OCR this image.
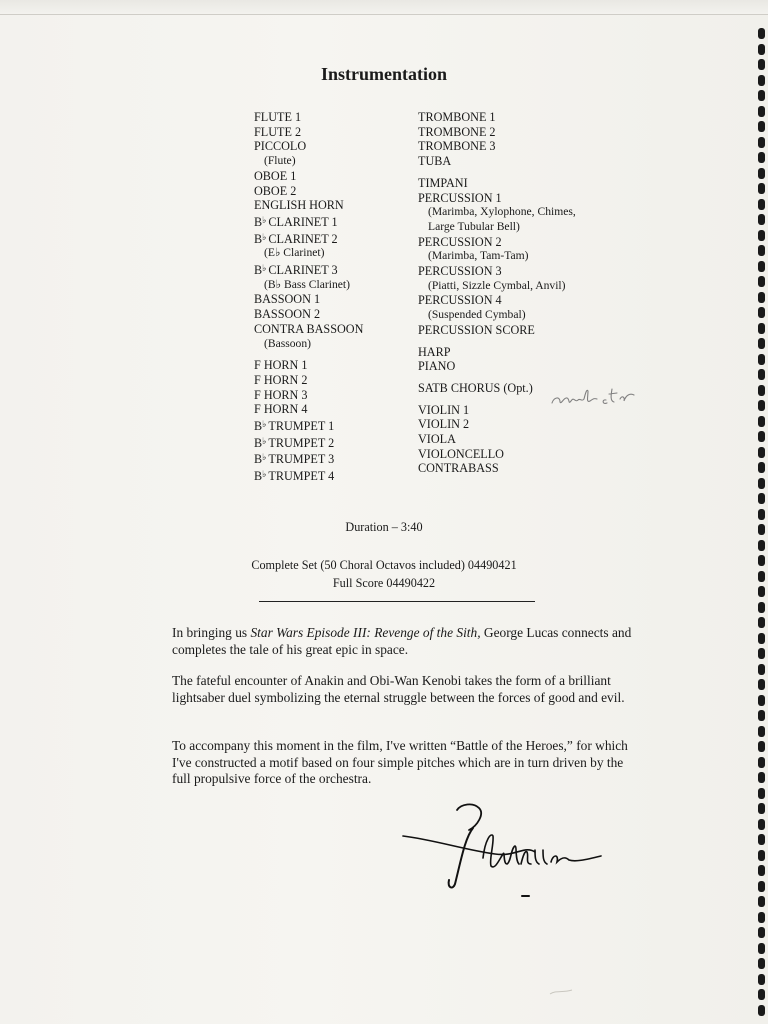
Instrumentation
FLUTE 1
FLUTE 2
PICCOLO
(Flute)
OBOE 1
OBOE 2
ENGLISH HORN
B♭ CLARINET 1
B♭ CLARINET 2
(E♭ Clarinet)
B♭ CLARINET 3
(B♭ Bass Clarinet)
BASSOON 1
BASSOON 2
CONTRA BASSOON
(Bassoon)
F HORN 1
F HORN 2
F HORN 3
F HORN 4
B♭ TRUMPET 1
B♭ TRUMPET 2
B♭ TRUMPET 3
B♭ TRUMPET 4
TROMBONE 1
TROMBONE 2
TROMBONE 3
TUBA
TIMPANI
PERCUSSION 1
(Marimba, Xylophone, Chimes,
Large Tubular Bell)
PERCUSSION 2
(Marimba, Tam-Tam)
PERCUSSION 3
(Piatti, Sizzle Cymbal, Anvil)
PERCUSSION 4
(Suspended Cymbal)
PERCUSSION SCORE
HARP
PIANO
SATB CHORUS (Opt.)
VIOLIN 1
VIOLIN 2
VIOLA
VIOLONCELLO
CONTRABASS
Duration – 3:40
Complete Set (50 Choral Octavos included) 04490421
Full Score 04490422
In bringing us Star Wars Episode III: Revenge of the Sith, George Lucas connects and completes the tale of his great epic in space.
The fateful encounter of Anakin and Obi-Wan Kenobi takes the form of a brilliant lightsaber duel symbolizing the eternal struggle between the forces of good and evil.
To accompany this moment in the film, I've written “Battle of the Heroes,” for which I've constructed a motif based on four simple pitches which are in turn driven by the full propulsive force of the orchestra.
